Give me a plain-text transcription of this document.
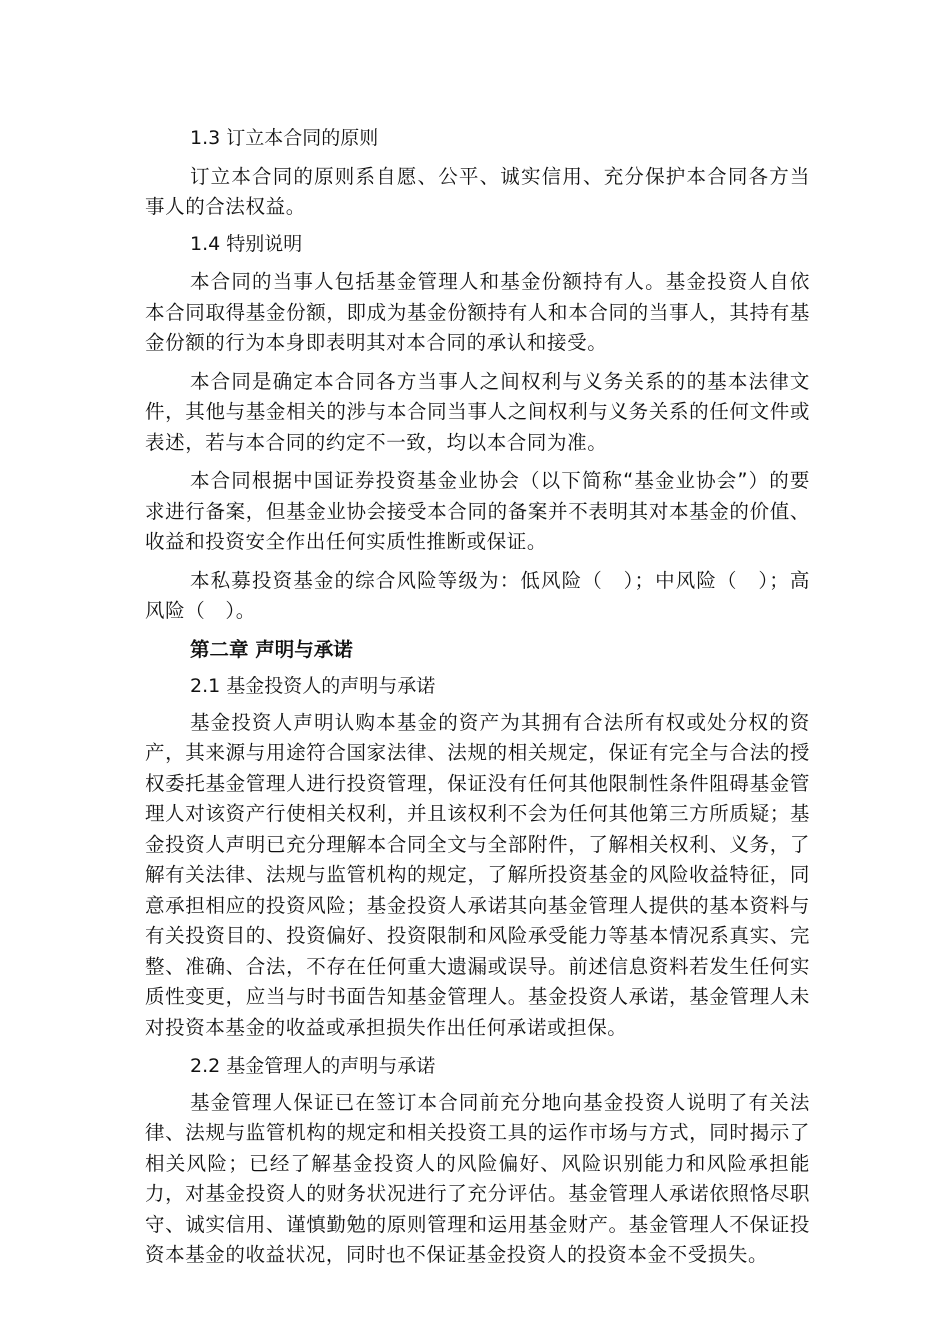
1.3 订立本合同的原则

订立本合同的原则系自愿、公平、诚实信用、充分保护本合同各方当事人的合法权益。

1.4 特别说明

本合同的当事人包括基金管理人和基金份额持有人。基金投资人自依本合同取得基金份额，即成为基金份额持有人和本合同的当事人，其持有基金份额的行为本身即表明其对本合同的承认和接受。

本合同是确定本合同各方当事人之间权利与义务关系的的基本法律文件，其他与基金相关的涉与本合同当事人之间权利与义务关系的任何文件或表述，若与本合同的约定不一致，均以本合同为准。

本合同根据中国证券投资基金业协会（以下简称“基金业协会”）的要求进行备案，但基金业协会接受本合同的备案并不表明其对本基金的价值、收益和投资安全作出任何实质性推断或保证。

本私募投资基金的综合风险等级为：低风险（　）；中风险（　）；高风险（　）。

第二章 声明与承诺

2.1 基金投资人的声明与承诺

基金投资人声明认购本基金的资产为其拥有合法所有权或处分权的资产，其来源与用途符合国家法律、法规的相关规定，保证有完全与合法的授权委托基金管理人进行投资管理，保证没有任何其他限制性条件阻碍基金管理人对该资产行使相关权利，并且该权利不会为任何其他第三方所质疑；基金投资人声明已充分理解本合同全文与全部附件，了解相关权利、义务，了解有关法律、法规与监管机构的规定，了解所投资基金的风险收益特征，同意承担相应的投资风险；基金投资人承诺其向基金管理人提供的基本资料与有关投资目的、投资偏好、投资限制和风险承受能力等基本情况系真实、完整、准确、合法，不存在任何重大遗漏或误导。前述信息资料若发生任何实质性变更，应当与时书面告知基金管理人。基金投资人承诺，基金管理人未对投资本基金的收益或承担损失作出任何承诺或担保。

2.2 基金管理人的声明与承诺

基金管理人保证已在签订本合同前充分地向基金投资人说明了有关法律、法规与监管机构的规定和相关投资工具的运作市场与方式，同时揭示了相关风险；已经了解基金投资人的风险偏好、风险识别能力和风险承担能力，对基金投资人的财务状况进行了充分评估。基金管理人承诺依照恪尽职守、诚实信用、谨慎勤勉的原则管理和运用基金财产。基金管理人不保证投资本基金的收益状况，同时也不保证基金投资人的投资本金不受损失。
